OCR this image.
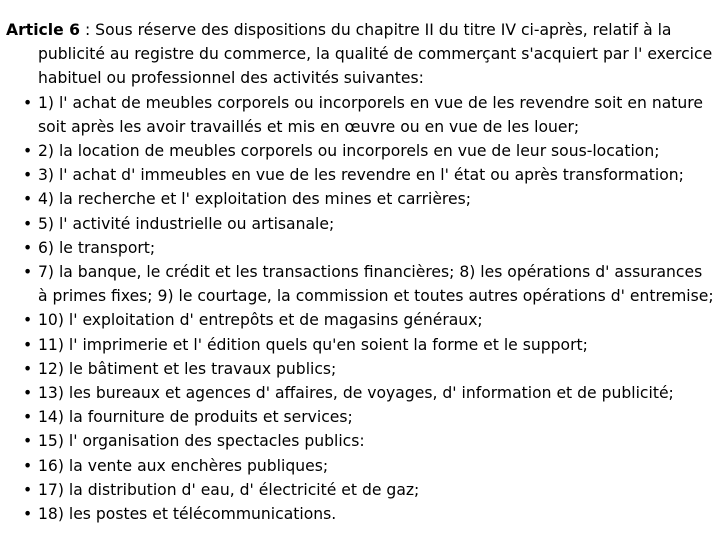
Article 6 : Sous réserve des dispositions du chapitre II du titre IV ci-après, relatif à la publicité au registre du commerce, la qualité de commerçant s'acquiert par l' exercice habituel ou professionnel des activités suivantes:

• 1) l' achat de meubles corporels ou incorporels en vue de les revendre soit en nature soit après les avoir travaillés et mis en œuvre ou en vue de les louer;
• 2) la location de meubles corporels ou incorporels en vue de leur sous-location;
• 3) l' achat d' immeubles en vue de les revendre en l' état ou après transformation;
• 4) la recherche et l' exploitation des mines et carrières;
• 5) l' activité industrielle ou artisanale;
• 6) le transport;
• 7) la banque, le crédit et les transactions financières; 8) les opérations d' assurances à primes fixes; 9) le courtage, la commission et toutes autres opérations d' entremise;
• 10) l' exploitation d' entrepôts et de magasins généraux;
• 11) l' imprimerie et l' édition quels qu'en soient la forme et le support;
• 12) le bâtiment et les travaux publics;
• 13) les bureaux et agences d' affaires, de voyages, d' information et de publicité;
• 14) la fourniture de produits et services;
• 15) l' organisation des spectacles publics:
• 16) la vente aux enchères publiques;
• 17) la distribution d' eau, d' électricité et de gaz;
• 18) les postes et télécommunications.
